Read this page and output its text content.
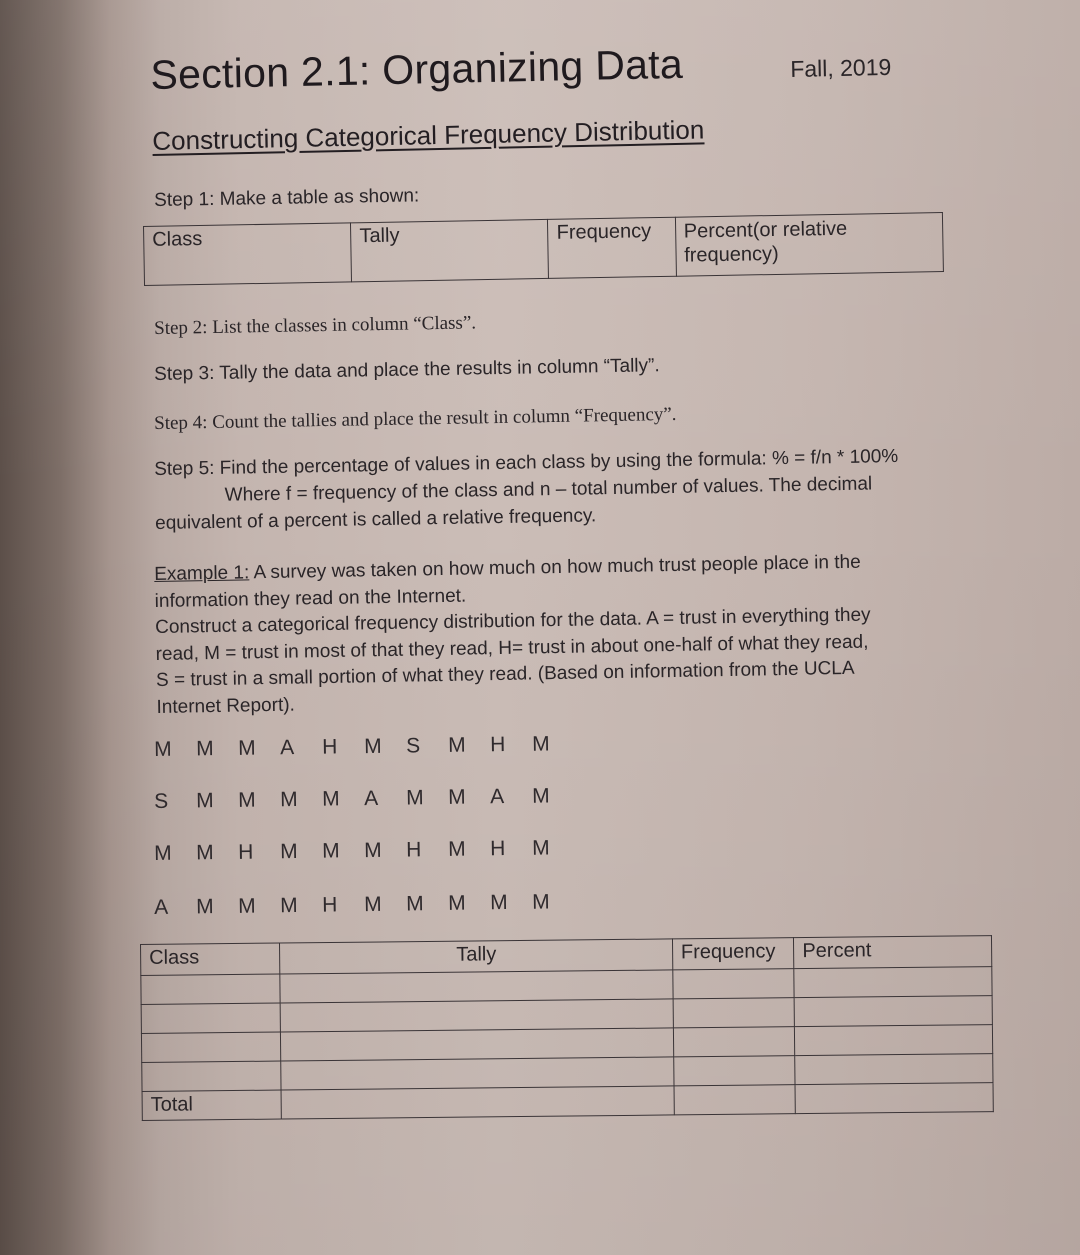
Section 2.1: Organizing Data	Fall, 2019
Constructing Categorical Frequency Distribution
Step 1: Make a table as shown:
Class	Tally	Frequency	Percent(or relative frequency)
Step 2: List the classes in column “Class”.
Step 3: Tally the data and place the results in column “Tally”.
Step 4: Count the tallies and place the result in column “Frequency”.
Step 5: Find the percentage of values in each class by using the formula: % = f/n * 100%
Where f = frequency of the class and n – total number of values. The decimal
equivalent of a percent is called a relative frequency.
Example 1: A survey was taken on how much on how much trust people place in the
information they read on the Internet.
Construct a categorical frequency distribution for the data. A = trust in everything they
read, M = trust in most of that they read, H= trust in about one-half of what they read,
S = trust in a small portion of what they read. (Based on information from the UCLA
Internet Report).
M M M A H M S M H M
S M M M M A M M A M
M M H M M M H M H M
A M M M H M M M M M
Class	Tally	Frequency	Percent

Total			
